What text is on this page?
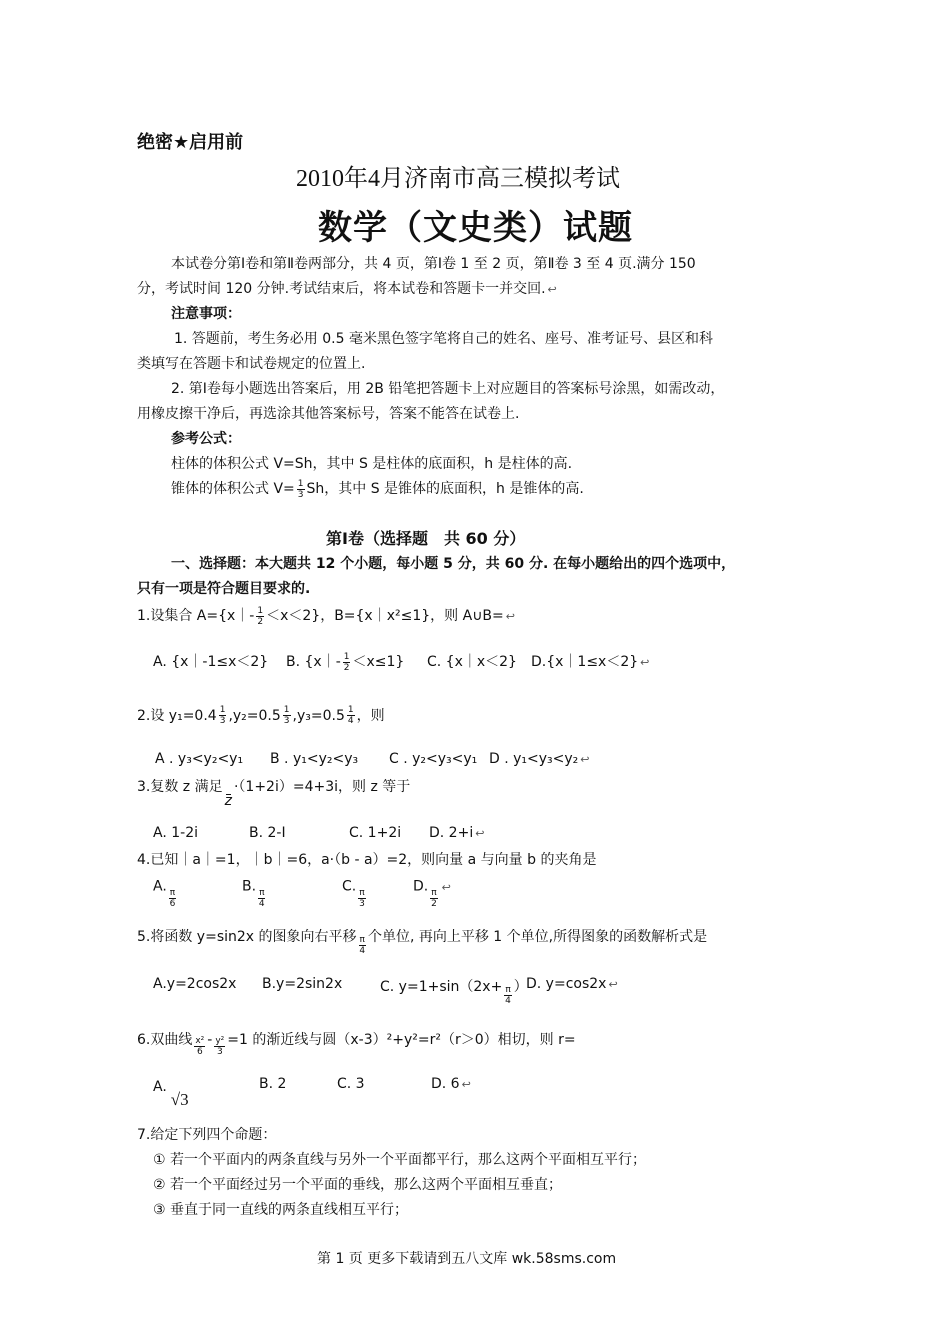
绝密★启用前
2010年4月济南市高三模拟考试
数学（文史类）试题
本试卷分第Ⅰ卷和第Ⅱ卷两部分，共 4 页，第Ⅰ卷 1 至 2 页，第Ⅱ卷 3 至 4 页.满分 150
分，考试时间 120 分钟.考试结束后，将本试卷和答题卡一并交回. ↩
注意事项：
1. 答题前，考生务必用 0.5 毫米黑色签字笔将自己的姓名、座号、准考证号、县区和科
类填写在答题卡和试卷规定的位置上.
2. 第Ⅰ卷每小题选出答案后，用 2B 铅笔把答题卡上对应题目的答案标号涂黑，如需改动，
用橡皮擦干净后，再选涂其他答案标号，答案不能答在试卷上.
参考公式：
柱体的体积公式 V=Sh，其中 S 是柱体的底面积，h 是柱体的高.
锥体的体积公式 $V= \frac{1}{3}$ Sh，其中 S 是锥体的底面积，h 是锥体的高.
第Ⅰ卷（选择题　共 60 分）
一、选择题：本大题共 12 个小题，每小题 5 分，共 60 分. 在每小题给出的四个选项中，
只有一项是符合题目要求的.
1.设集合 A={x｜- $\frac{1}{2} <x<2$}，B={x｜x²≤1}，则 A∪B= ↩
A. {x｜-1≤x＜2} B. {x｜- $\frac{1}{2} <x\le 1$} C. {x｜x＜2} D.{x｜1≤x＜2} ↩
2.设 $y_1=0.4 \frac{1}{3} ,y_2=0.5 \frac{1}{3} ,y_3=0.5 \frac{1}{4}$ ，则
A . y₃<y₂<y₁ B . y₁<y₂<y₃ C . y₂<y₃<y₁ D . y₁<y₃<y₂ ↩
3.复数 z 满足z·（1+2i）=4+3i，则 z 等于
A. 1-2i	B. 2-I	C. 1+2i D. 2+i ↩
4.已知｜a｜=1，｜b｜=6，a·（b - a）=2，则向量 a 与向量 b 的夹角是
A.
$\frac{\pi}{6}$
B.
$\frac{\pi}{4}$
C.
$\frac{\pi}{3}$
D.
$\frac{\pi}{2}$
↩
5.将函数 y=sin2x 的图象向右平移 $\frac{\pi}{4}$ 个单位, 再向上平移 1 个单位,所得图象的函数解析式是
A.y=2cos2x B.y=2sin2x	C. $y=1+\sin(2x+ \frac{\pi}{4}$ ）
D. y=cos2x ↩
6.双曲线 $\frac{\text{x²}}{6} - \frac{\text{y²}}{3} =1$ 的渐近线与圆（x-3）²+y²=r²（r＞0）相切，则 r=
A.√3
B. 2	C. 3	D. 6 ↩
7.给定下列四个命题：
① 若一个平面内的两条直线与另外一个平面都平行，那么这两个平面相互平行；
② 若一个平面经过另一个平面的垂线，那么这两个平面相互垂直；
③ 垂直于同一直线的两条直线相互平行；
第 1 页 更多下载请到五八文库 wk.58sms.com
